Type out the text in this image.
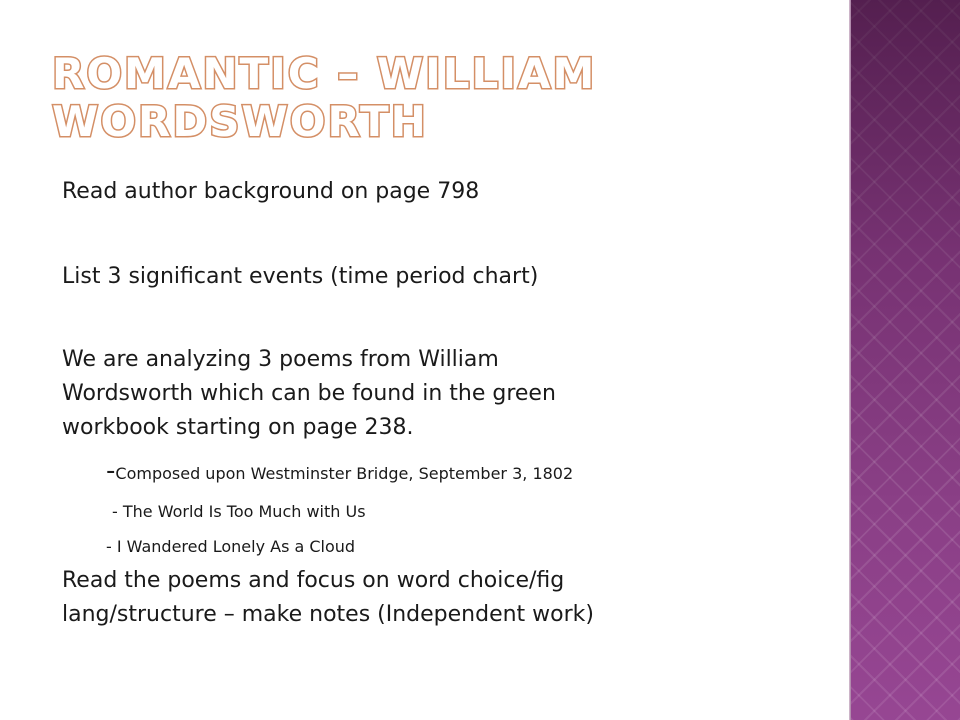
ROMANTIC – WILLIAM
WORDSWORTH

Read author background on page 798

List 3 significant events (time period chart)

We are analyzing 3 poems from William

Wordsworth which can be found in the green

workbook starting on page 238.

-Composed upon Westminster Bridge, September 3, 1802

- The World Is Too Much with Us

- I Wandered Lonely As a Cloud

Read the poems and focus on word choice/fig

lang/structure – make notes (Independent work)
